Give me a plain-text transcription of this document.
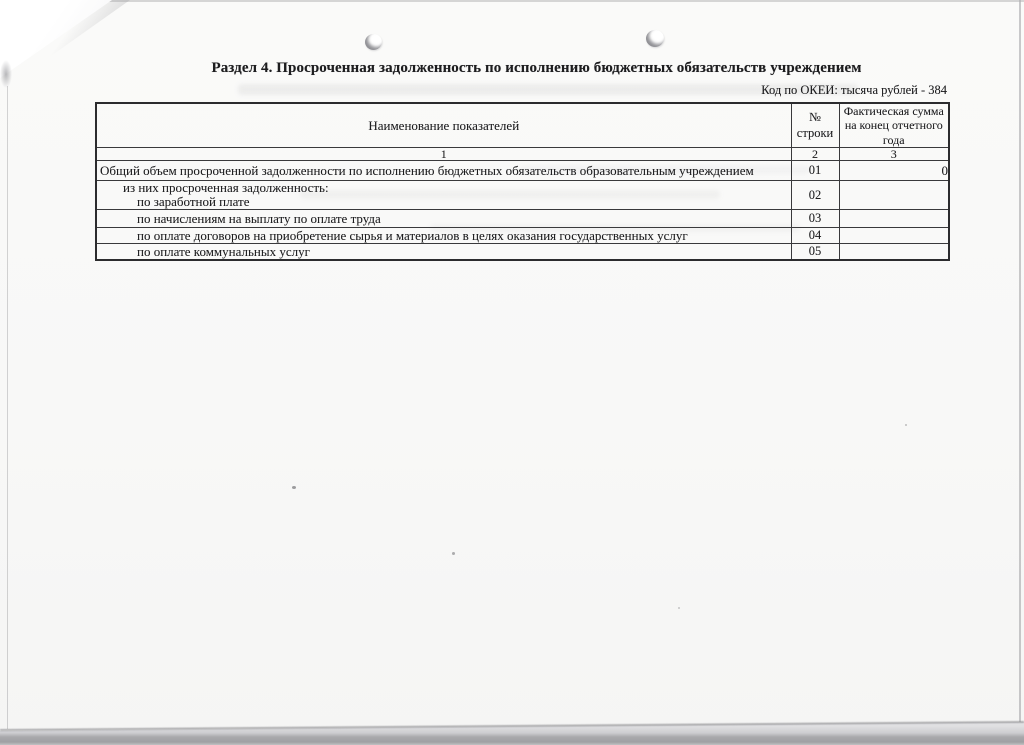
Раздел 4. Просроченная задолженность по исполнению бюджетных обязательств учреждением
Код по ОКЕИ: тысяча рублей - 384
Наименование показателей	№ строки	Фактическая сумма на конец отчетного года
1	2	3

Общий объем просроченной задолженности по исполнению бюджетных обязательств образовательным учреждением	01	0

из них просроченная задолженность:
по заработной плате	02	

по начислениям на выплату по оплате труда	03	

по оплате договоров на приобретение сырья и материалов в целях оказания государственных услуг	04	

по оплате коммунальных услуг	05	
